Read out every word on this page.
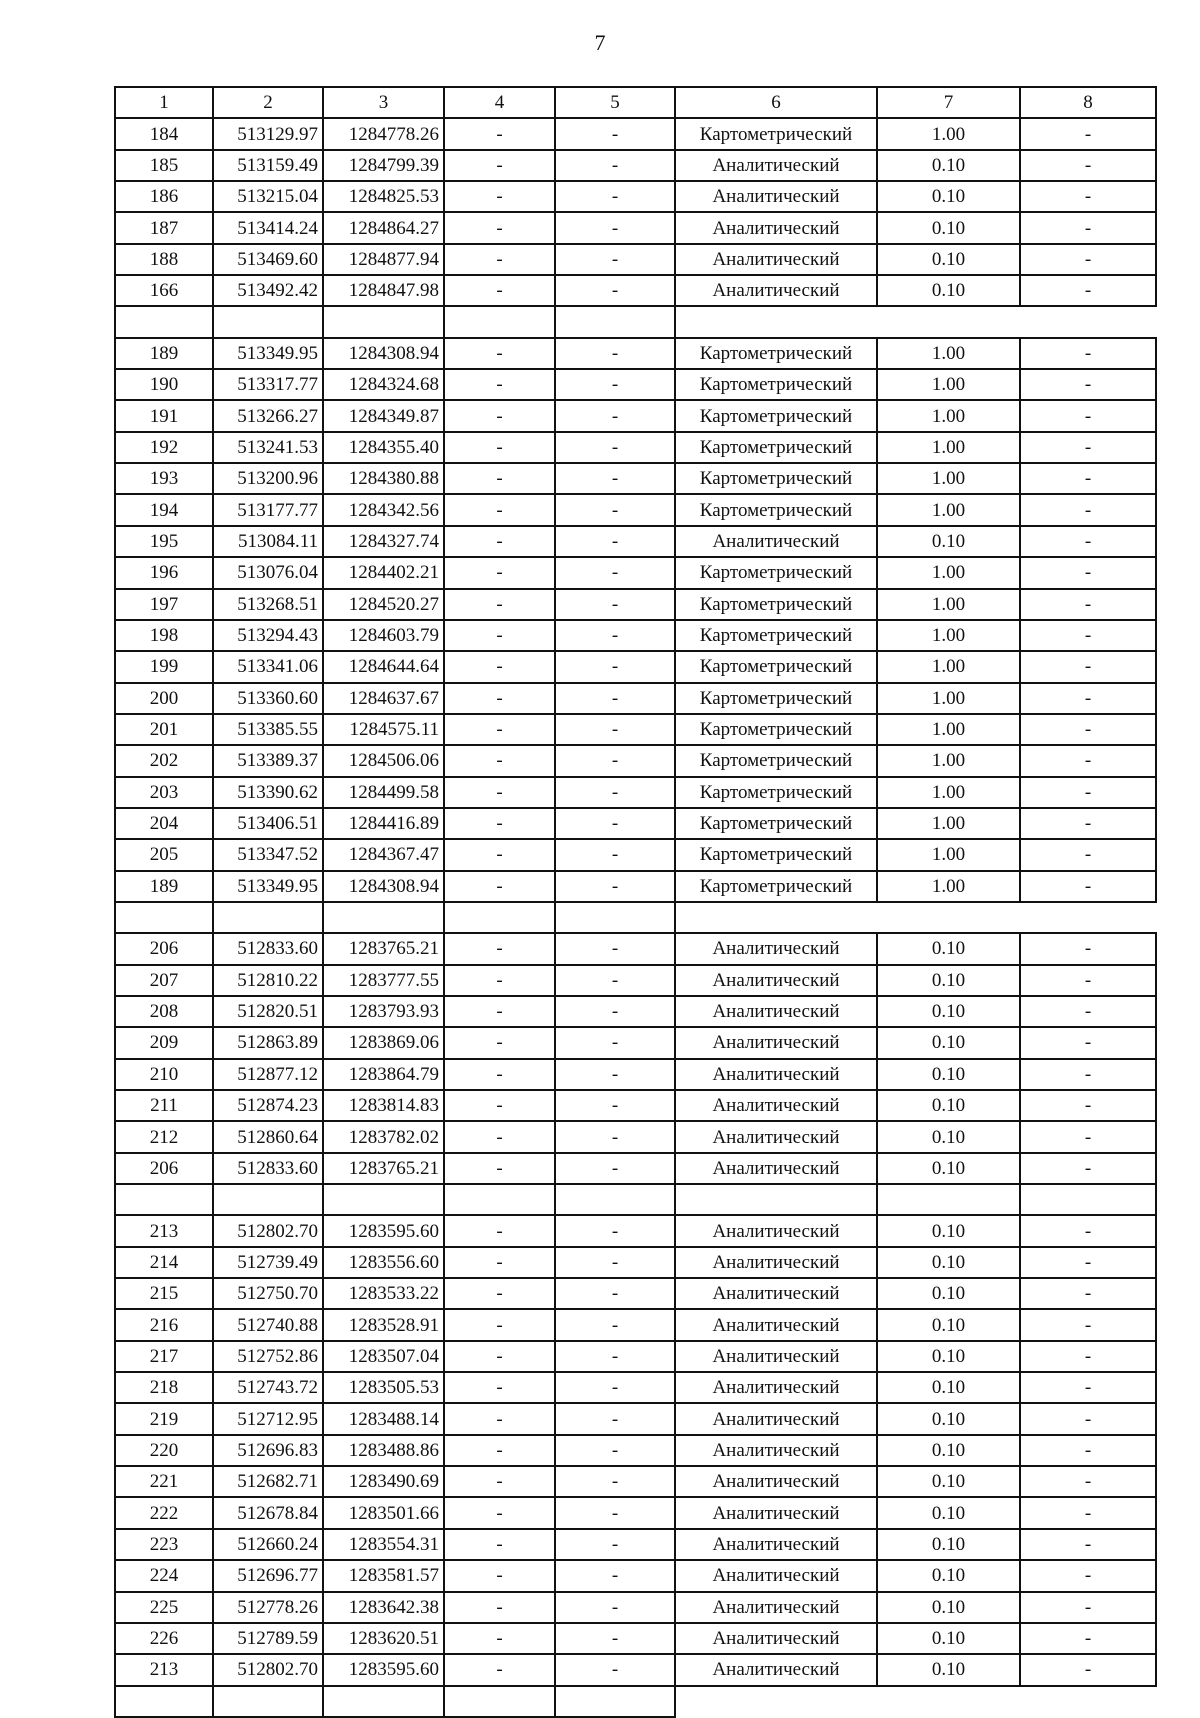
7
1	2	3	4	5	6	7	8
184	513129.97	1284778.26	-	-	Картометрический	1.00	-
185	513159.49	1284799.39	-	-	Аналитический	0.10	-
186	513215.04	1284825.53	-	-	Аналитический	0.10	-
187	513414.24	1284864.27	-	-	Аналитический	0.10	-
188	513469.60	1284877.94	-	-	Аналитический	0.10	-
166	513492.42	1284847.98	-	-	Аналитический	0.10	-

189	513349.95	1284308.94	-	-	Картометрический	1.00	-
190	513317.77	1284324.68	-	-	Картометрический	1.00	-
191	513266.27	1284349.87	-	-	Картометрический	1.00	-
192	513241.53	1284355.40	-	-	Картометрический	1.00	-
193	513200.96	1284380.88	-	-	Картометрический	1.00	-
194	513177.77	1284342.56	-	-	Картометрический	1.00	-
195	513084.11	1284327.74	-	-	Аналитический	0.10	-
196	513076.04	1284402.21	-	-	Картометрический	1.00	-
197	513268.51	1284520.27	-	-	Картометрический	1.00	-
198	513294.43	1284603.79	-	-	Картометрический	1.00	-
199	513341.06	1284644.64	-	-	Картометрический	1.00	-
200	513360.60	1284637.67	-	-	Картометрический	1.00	-
201	513385.55	1284575.11	-	-	Картометрический	1.00	-
202	513389.37	1284506.06	-	-	Картометрический	1.00	-
203	513390.62	1284499.58	-	-	Картометрический	1.00	-
204	513406.51	1284416.89	-	-	Картометрический	1.00	-
205	513347.52	1284367.47	-	-	Картометрический	1.00	-
189	513349.95	1284308.94	-	-	Картометрический	1.00	-

206	512833.60	1283765.21	-	-	Аналитический	0.10	-
207	512810.22	1283777.55	-	-	Аналитический	0.10	-
208	512820.51	1283793.93	-	-	Аналитический	0.10	-
209	512863.89	1283869.06	-	-	Аналитический	0.10	-
210	512877.12	1283864.79	-	-	Аналитический	0.10	-
211	512874.23	1283814.83	-	-	Аналитический	0.10	-
212	512860.64	1283782.02	-	-	Аналитический	0.10	-
206	512833.60	1283765.21	-	-	Аналитический	0.10	-

213	512802.70	1283595.60	-	-	Аналитический	0.10	-
214	512739.49	1283556.60	-	-	Аналитический	0.10	-
215	512750.70	1283533.22	-	-	Аналитический	0.10	-
216	512740.88	1283528.91	-	-	Аналитический	0.10	-
217	512752.86	1283507.04	-	-	Аналитический	0.10	-
218	512743.72	1283505.53	-	-	Аналитический	0.10	-
219	512712.95	1283488.14	-	-	Аналитический	0.10	-
220	512696.83	1283488.86	-	-	Аналитический	0.10	-
221	512682.71	1283490.69	-	-	Аналитический	0.10	-
222	512678.84	1283501.66	-	-	Аналитический	0.10	-
223	512660.24	1283554.31	-	-	Аналитический	0.10	-
224	512696.77	1283581.57	-	-	Аналитический	0.10	-
225	512778.26	1283642.38	-	-	Аналитический	0.10	-
226	512789.59	1283620.51	-	-	Аналитический	0.10	-
213	512802.70	1283595.60	-	-	Аналитический	0.10	-
